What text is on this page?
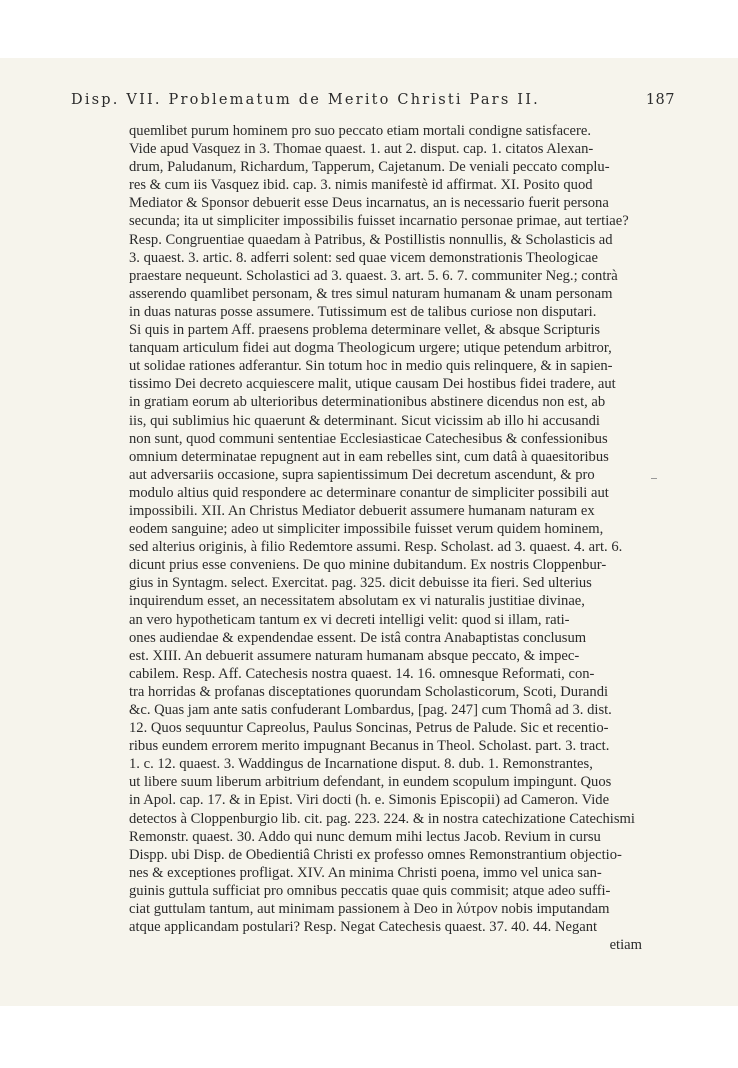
Disp. VII. Problematum de Merito Christi Pars II.	187
quemlibet purum hominem pro suo peccato etiam mortali condigne satisfacere.
Vide apud Vasquez in 3. Thomae quaest. 1. aut 2. disput. cap. 1. citatos Alexan-
drum, Paludanum, Richardum, Tapperum, Cajetanum. De veniali peccato complu-
res & cum iis Vasquez ibid. cap. 3. nimis manifestè id affirmat. XI. Posito quod
Mediator & Sponsor debuerit esse Deus incarnatus, an is necessario fuerit persona
secunda; ita ut simpliciter impossibilis fuisset incarnatio personae primae, aut tertiae?
Resp. Congruentiae quaedam à Patribus, & Postillistis nonnullis, & Scholasticis ad
3. quaest. 3. artic. 8. adferri solent: sed quae vicem demonstrationis Theologicae
praestare nequeunt. Scholastici ad 3. quaest. 3. art. 5. 6. 7. communiter Neg.; contrà
asserendo quamlibet personam, & tres simul naturam humanam & unam personam
in duas naturas posse assumere. Tutissimum est de talibus curiose non disputari.
Si quis in partem Aff. praesens problema determinare vellet, & absque Scripturis
tanquam articulum fidei aut dogma Theologicum urgere; utique petendum arbitror,
ut solidae rationes adferantur. Sin totum hoc in medio quis relinquere, & in sapien-
tissimo Dei decreto acquiescere malit, utique causam Dei hostibus fidei tradere, aut
in gratiam eorum ab ulterioribus determinationibus abstinere dicendus non est, ab
iis, qui sublimius hic quaerunt & determinant. Sicut vicissim ab illo hi accusandi
non sunt, quod communi sententiae Ecclesiasticae Catechesibus & confessionibus
omnium determinatae repugnent aut in eam rebelles sint, cum datâ à quaesitoribus
aut adversariis occasione, supra sapientissimum Dei decretum ascendunt, & pro
modulo altius quid respondere ac determinare conantur de simpliciter possibili aut
impossibili. XII. An Christus Mediator debuerit assumere humanam naturam ex
eodem sanguine; adeo ut simpliciter impossibile fuisset verum quidem hominem,
sed alterius originis, à filio Redemtore assumi. Resp. Scholast. ad 3. quaest. 4. art. 6.
dicunt prius esse conveniens. De quo minine dubitandum. Ex nostris Cloppenbur-
gius in Syntagm. select. Exercitat. pag. 325. dicit debuisse ita fieri. Sed ulterius
inquirendum esset, an necessitatem absolutam ex vi naturalis justitiae divinae,
an vero hypotheticam tantum ex vi decreti intelligi velit: quod si illam, rati-
ones audiendae & expendendae essent. De istâ contra Anabaptistas conclusum
est. XIII. An debuerit assumere naturam humanam absque peccato, & impec-
cabilem. Resp. Aff. Catechesis nostra quaest. 14. 16. omnesque Reformati, con-
tra horridas & profanas disceptationes quorundam Scholasticorum, Scoti, Durandi
&c. Quas jam ante satis confuderant Lombardus, [pag. 247] cum Thomâ ad 3. dist.
12. Quos sequuntur Capreolus, Paulus Soncinas, Petrus de Palude. Sic et recentio-
ribus eundem errorem merito impugnant Becanus in Theol. Scholast. part. 3. tract.
1. c. 12. quaest. 3. Waddingus de Incarnatione disput. 8. dub. 1. Remonstrantes,
ut libere suum liberum arbitrium defendant, in eundem scopulum impingunt. Quos
in Apol. cap. 17. & in Epist. Viri docti (h. e. Simonis Episcopii) ad Cameron. Vide
detectos à Cloppenburgio lib. cit. pag. 223. 224. & in nostra catechizatione Catechismi
Remonstr. quaest. 30. Addo qui nunc demum mihi lectus Jacob. Revium in cursu
Dispp. ubi Disp. de Obedientiâ Christi ex professo omnes Remonstrantium objectio-
nes & exceptiones profligat. XIV. An minima Christi poena, immo vel unica san-
guinis guttula sufficiat pro omnibus peccatis quae quis commisit; atque adeo suffi-
ciat guttulam tantum, aut minimam passionem à Deo in λύτρον nobis imputandam
atque applicandam postulari? Resp. Negat Catechesis quaest. 37. 40. 44. Negant
etiam
